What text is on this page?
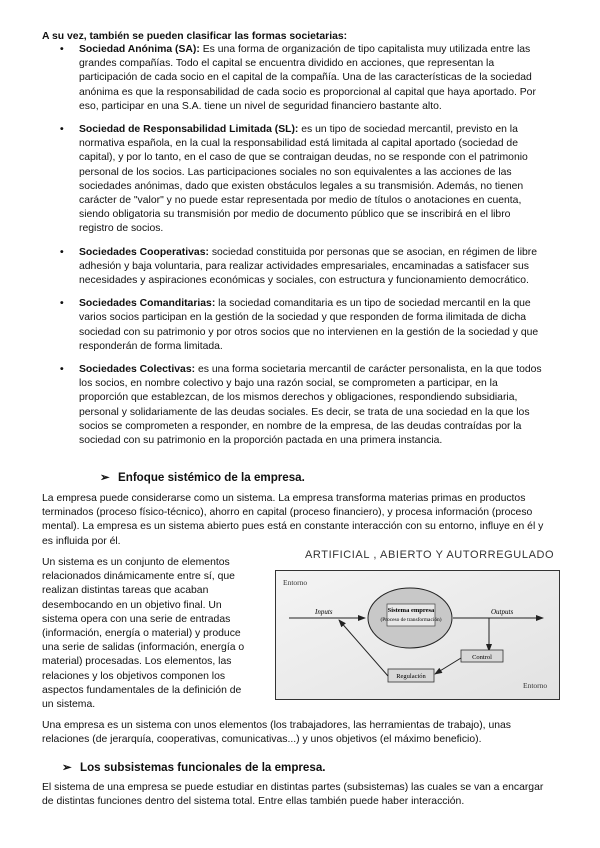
A su vez, también se pueden clasificar las formas societarias:
• Sociedad Anónima (SA): Es una forma de organización de tipo capitalista muy utilizada entre las grandes compañías. Todo el capital se encuentra dividido en acciones, que representan la participación de cada socio en el capital de la compañía. Una de las características de la sociedad anónima es que la responsabilidad de cada socio es proporcional al capital que haya aportado. Por eso, participar en una S.A. tiene un nivel de seguridad financiero bastante alto.
• Sociedad de Responsabilidad Limitada (SL): es un tipo de sociedad mercantil, previsto en la normativa española, en la cual la responsabilidad está limitada al capital aportado (sociedad de capital), y por lo tanto, en el caso de que se contraigan deudas, no se responde con el patrimonio personal de los socios. Las participaciones sociales no son equivalentes a las acciones de las sociedades anónimas, dado que existen obstáculos legales a su transmisión. Además, no tienen carácter de "valor" y no puede estar representada por medio de títulos o anotaciones en cuenta, siendo obligatoria su transmisión por medio de documento público que se inscribirá en el libro registro de socios.
• Sociedades Cooperativas: sociedad constituida por personas que se asocian, en régimen de libre adhesión y baja voluntaria, para realizar actividades empresariales, encaminadas a satisfacer sus necesidades y aspiraciones económicas y sociales, con estructura y funcionamiento democrático.
• Sociedades Comanditarias: la sociedad comanditaria es un tipo de sociedad mercantil en la que varios socios participan en la gestión de la sociedad y que responden de forma ilimitada de dicha sociedad con su patrimonio y por otros socios que no intervienen en la gestión de la sociedad y que responderán de forma limitada.
• Sociedades Colectivas: es una forma societaria mercantil de carácter personalista, en la que todos los socios, en nombre colectivo y bajo una razón social, se comprometen a participar, en la proporción que establezcan, de los mismos derechos y obligaciones, respondiendo subsidiaria, personal y solidariamente de las deudas sociales. Es decir, se trata de una sociedad en la que los socios se comprometen a responder, en nombre de la empresa, de las deudas contraídas por la sociedad con su patrimonio en la proporción pactada en una primera instancia.
➢ Enfoque sistémico de la empresa.
La empresa puede considerarse como un sistema. La empresa transforma materias primas en productos terminados (proceso físico-técnico), ahorro en capital (proceso financiero), y procesa información (proceso mental). La empresa es un sistema abierto pues está en constante interacción con su entorno, influye en él y es influida por él.
ARTIFICIAL , ABIERTO Y AUTORREGULADO
Un sistema es un conjunto de elementos relacionados dinámicamente entre sí, que realizan distintas tareas que acaban desembocando en un objetivo final. Un sistema opera con una serie de entradas (información, energía o material) y produce una serie de salidas (información, energía o material) procesadas. Los elementos, las relaciones y los objetivos componen los aspectos fundamentales de la definición de un sistema.
Entorno
Entorno
Sistema empresa
(Proceso de transformación)
Inputs	Outputs
Control
Regulación
Una empresa es un sistema con unos elementos (los trabajadores, las herramientas de trabajo), unas relaciones (de jerarquía, cooperativas, comunicativas...) y unos objetivos (el máximo beneficio).
➢ Los subsistemas funcionales de la empresa.
El sistema de una empresa se puede estudiar en distintas partes (subsistemas) las cuales se van a encargar de distintas funciones dentro del sistema total. Entre ellas también puede haber interacción.
